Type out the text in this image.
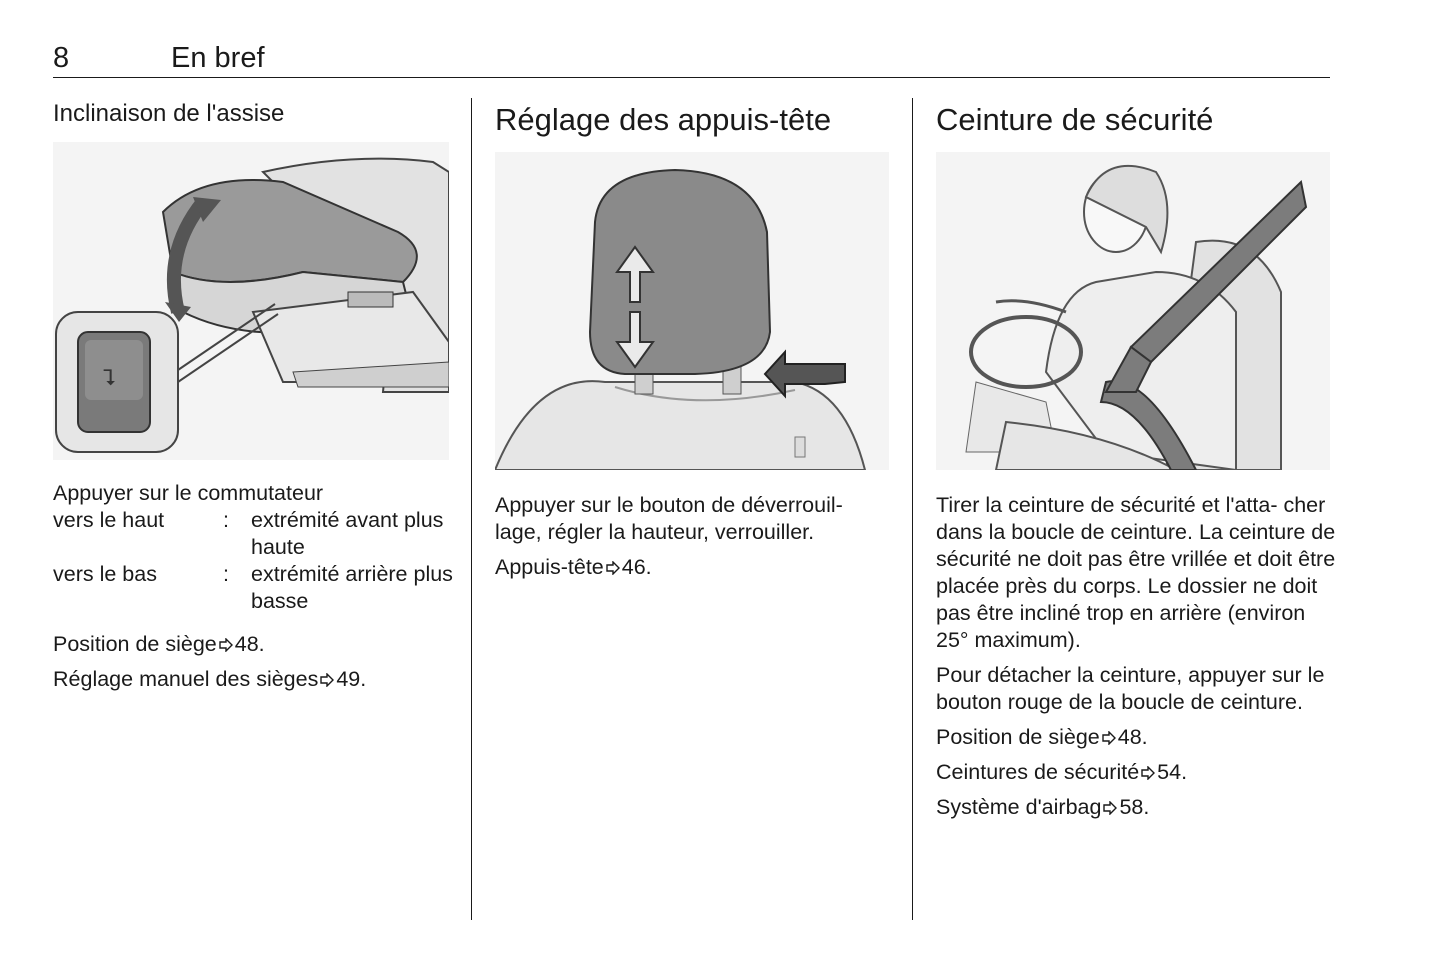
8	En bref
Inclinaison de l'assise
⮧

Appuyer sur le commutateur

vers le haut	:	extrémité avant plus haute
vers le bas	:	extrémité arrière plus basse

Position de siège 48.

Réglage manuel des sièges 49.

Réglage des appuis-tête

Appuyer sur le bouton de déverrouil- lage, régler la hauteur, verrouiller.

Appuis-tête 46.

Ceinture de sécurité

Tirer la ceinture de sécurité et l'atta- cher dans la boucle de ceinture. La ceinture de sécurité ne doit pas être vrillée et doit être placée près du corps. Le dossier ne doit pas être incliné trop en arrière (environ 25° maximum).

Pour détacher la ceinture, appuyer sur le bouton rouge de la boucle de ceinture.

Position de siège 48.

Ceintures de sécurité 54.

Système d'airbag 58.
